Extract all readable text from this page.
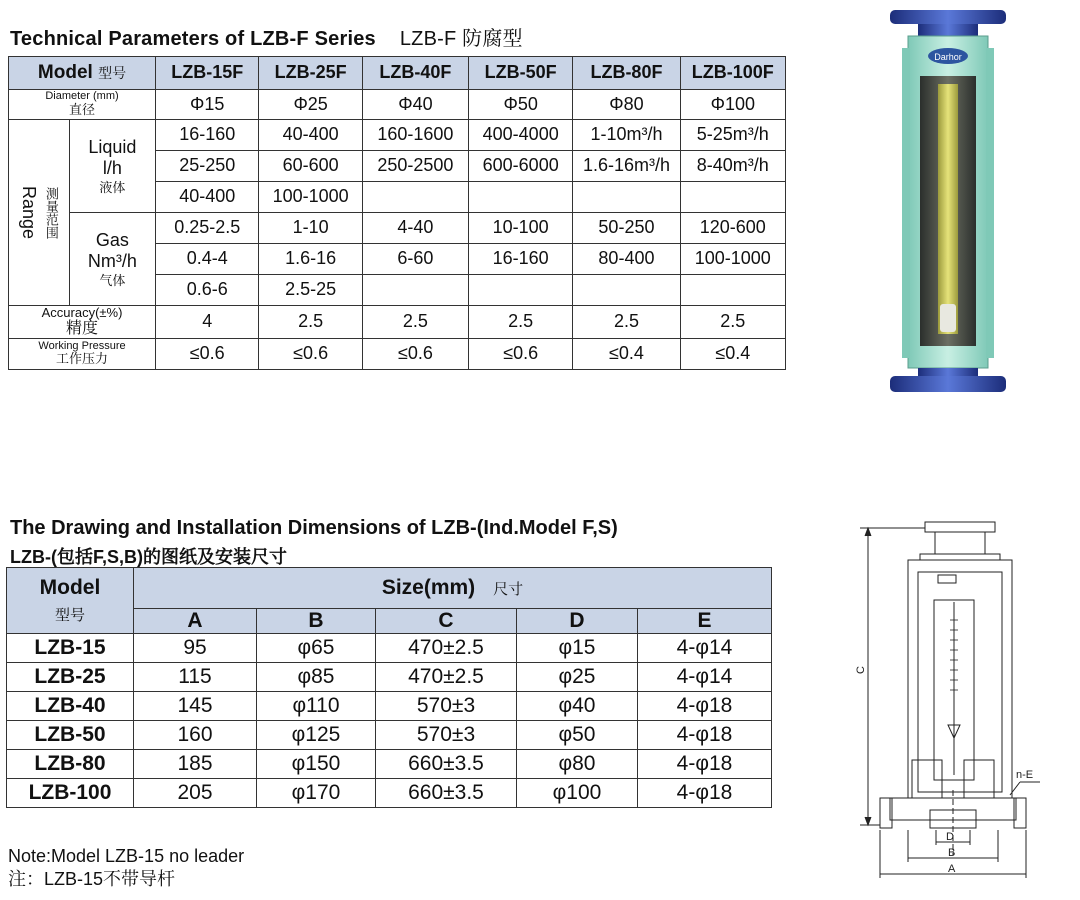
Technical Parameters of LZB-F Series LZB-F 防腐型
Model 型号		LZB-15F	LZB-25F	LZB-40F	LZB-50F	LZB-80F	LZB-100F
Diameter (mm)
直径		Φ15	Φ25	Φ40	Φ50	Φ80	Φ100
Range 测量范围	Liquid
l/h
液体	16-160	40-400	160-1600	400-4000	1-10m³/h	5-25m³/h
		25-250	60-600	250-2500	600-6000	1.6-16m³/h	8-40m³/h
		40-400	100-1000				
	Gas
Nm³/h
气体	0.25-2.5	1-10	4-40	10-100	50-250	120-600
		0.4-4	1.6-16	6-60	16-160	80-400	100-1000
		0.6-6	2.5-25				
Accuracy(±%)
精度		4	2.5	2.5	2.5	2.5	2.5
Working Pressure
工作压力		≤0.6	≤0.6	≤0.6	≤0.6	≤0.4	≤0.4
Darhor
The Drawing and Installation Dimensions of LZB-(Ind.Model F,S)
LZB-(包括F,S,B)的图纸及安装尺寸
Model
型号	Size(mm) 尺寸				
	A	B	C	D	E
LZB-15	95	φ65	470±2.5	φ15	4-φ14
LZB-25	115	φ85	470±2.5	φ25	4-φ14
LZB-40	145	φ110	570±3	φ40	4-φ18
LZB-50	160	φ125	570±3	φ50	4-φ18
LZB-80	185	φ150	660±3.5	φ80	4-φ18
LZB-100	205	φ170	660±3.5	φ100	4-φ18
Note:Model LZB-15 no leader
注：LZB-15不带导杆
C
n-E
D
B
A
